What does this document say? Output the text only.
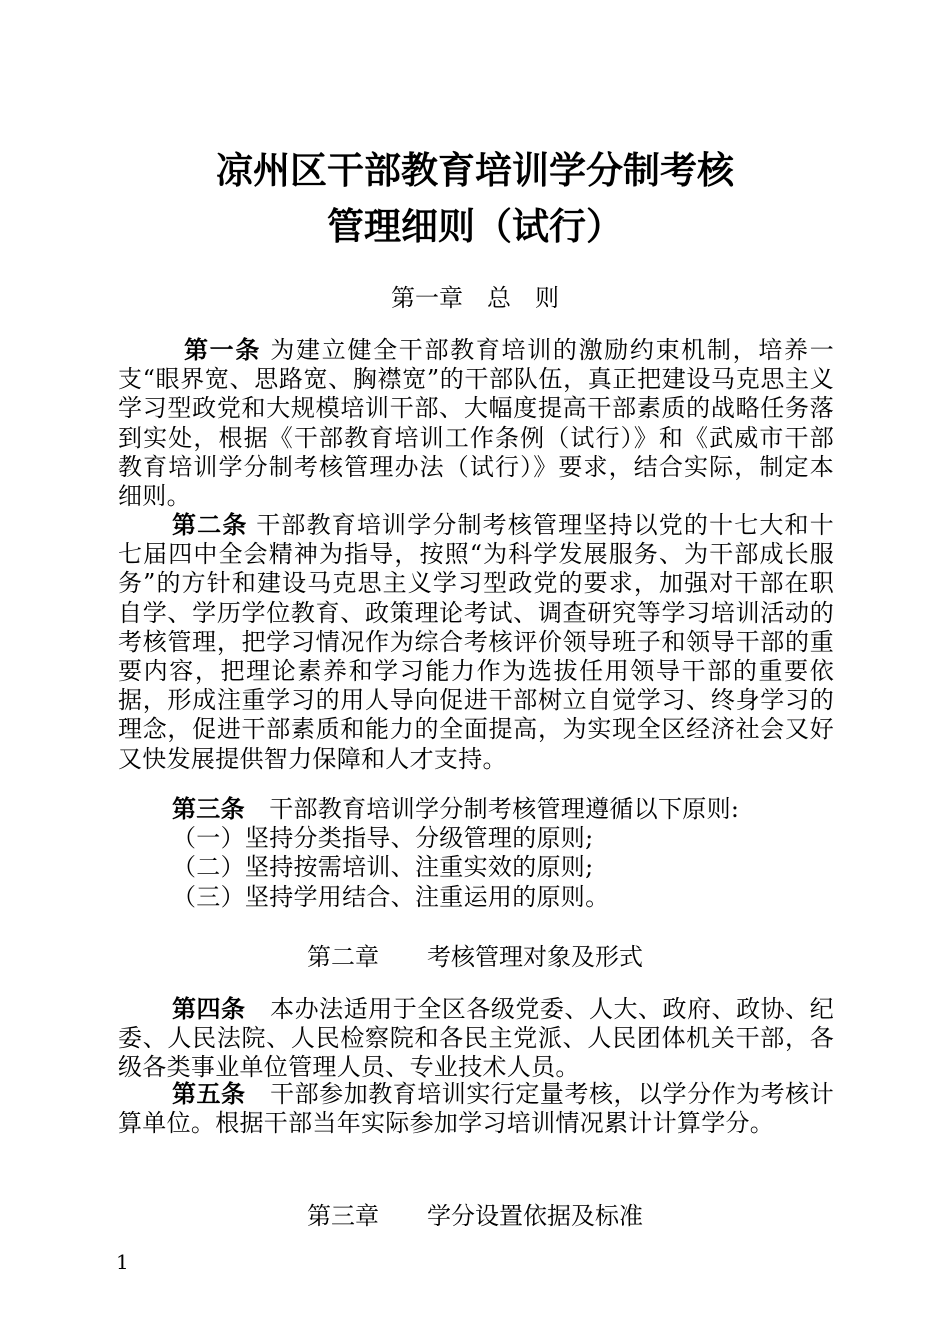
凉州区干部教育培训学分制考核
管理细则（试行）
第一章　总　则
第一条 为建立健全干部教育培训的激励约束机制，培养一支“眼界宽、思路宽、胸襟宽”的干部队伍，真正把建设马克思主义学习型政党和大规模培训干部、大幅度提高干部素质的战略任务落到实处，根据《干部教育培训工作条例（试行）》和《武威市干部教育培训学分制考核管理办法（试行）》要求，结合实际，制定本细则。
第二条 干部教育培训学分制考核管理坚持以党的十七大和十七届四中全会精神为指导，按照“为科学发展服务、为干部成长服务”的方针和建设马克思主义学习型政党的要求，加强对干部在职自学、学历学位教育、政策理论考试、调查研究等学习培训活动的考核管理，把学习情况作为综合考核评价领导班子和领导干部的重要内容，把理论素养和学习能力作为选拔任用领导干部的重要依据，形成注重学习的用人导向促进干部树立自觉学习、终身学习的理念，促进干部素质和能力的全面提高，为实现全区经济社会又好又快发展提供智力保障和人才支持。
第三条　干部教育培训学分制考核管理遵循以下原则:
（一）坚持分类指导、分级管理的原则;
（二）坚持按需培训、注重实效的原则;
（三）坚持学用结合、注重运用的原则。
第二章　　考核管理对象及形式
第四条　本办法适用于全区各级党委、人大、政府、政协、纪委、人民法院、人民检察院和各民主党派、人民团体机关干部，各级各类事业单位管理人员、专业技术人员。
第五条　干部参加教育培训实行定量考核，以学分作为考核计算单位。根据干部当年实际参加学习培训情况累计计算学分。
第三章　　学分设置依据及标准
1
